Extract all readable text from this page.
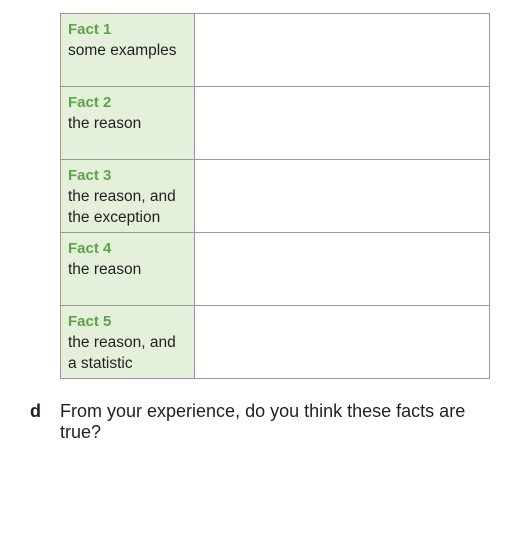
Fact 1
some examples	

Fact 2
the reason	

Fact 3
the reason, and
the exception	

Fact 4
the reason	

Fact 5
the reason, and
a statistic	

d From your experience, do you think these facts are true?
